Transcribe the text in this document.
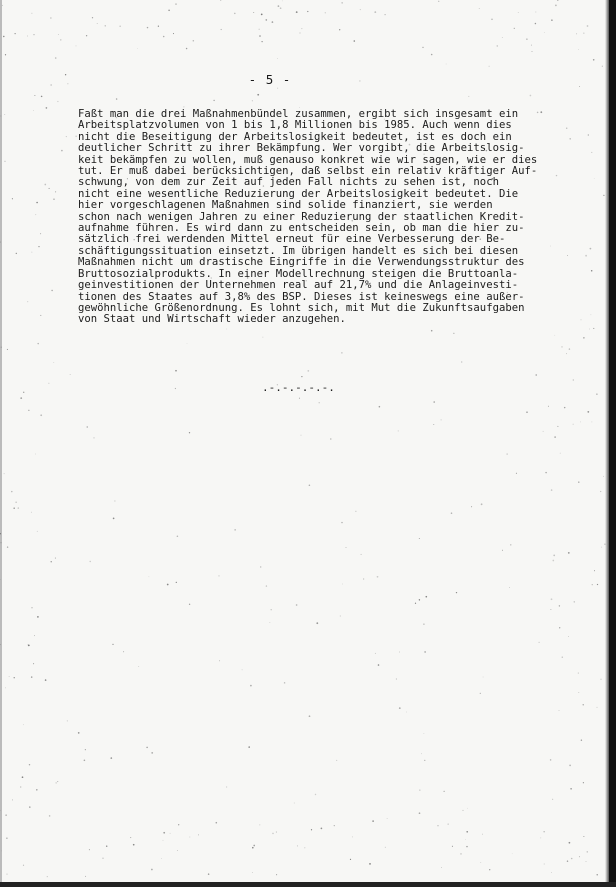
- 5 -
Faßt man die drei Maßnahmenbündel zusammen, ergibt sich insgesamt ein
Arbeitsplatzvolumen von 1 bis 1,8 Millionen bis 1985. Auch wenn dies
nicht die Beseitigung der Arbeitslosigkeit bedeutet, ist es doch ein
deutlicher Schritt zu ihrer Bekämpfung. Wer vorgibt, die Arbeitslosig-
keit bekämpfen zu wollen, muß genauso konkret wie wir sagen, wie er dies
tut. Er muß dabei berücksichtigen, daß selbst ein relativ kräftiger Auf-
schwung, von dem zur Zeit auf jeden Fall nichts zu sehen ist, noch
nicht eine wesentliche Reduzierung der Arbeitslosigkeit bedeutet. Die
hier vorgeschlagenen Maßnahmen sind solide finanziert, sie werden
schon nach wenigen Jahren zu einer Reduzierung der staatlichen Kredit-
aufnahme führen. Es wird dann zu entscheiden sein, ob man die hier zu-
sätzlich frei werdenden Mittel erneut für eine Verbesserung der Be-
schäftigungssituation einsetzt. Im übrigen handelt es sich bei diesen
Maßnahmen nicht um drastische Eingriffe in die Verwendungsstruktur des
Bruttosozialprodukts. In einer Modellrechnung steigen die Bruttoanla-
geinvestitionen der Unternehmen real auf 21,7% und die Anlageinvesti-
tionen des Staates auf 3,8% des BSP. Dieses ist keineswegs eine außer-
gewöhnliche Größenordnung. Es lohnt sich, mit Mut die Zukunftsaufgaben
von Staat und Wirtschaft wieder anzugehen.
.-.-.-.-.-.
